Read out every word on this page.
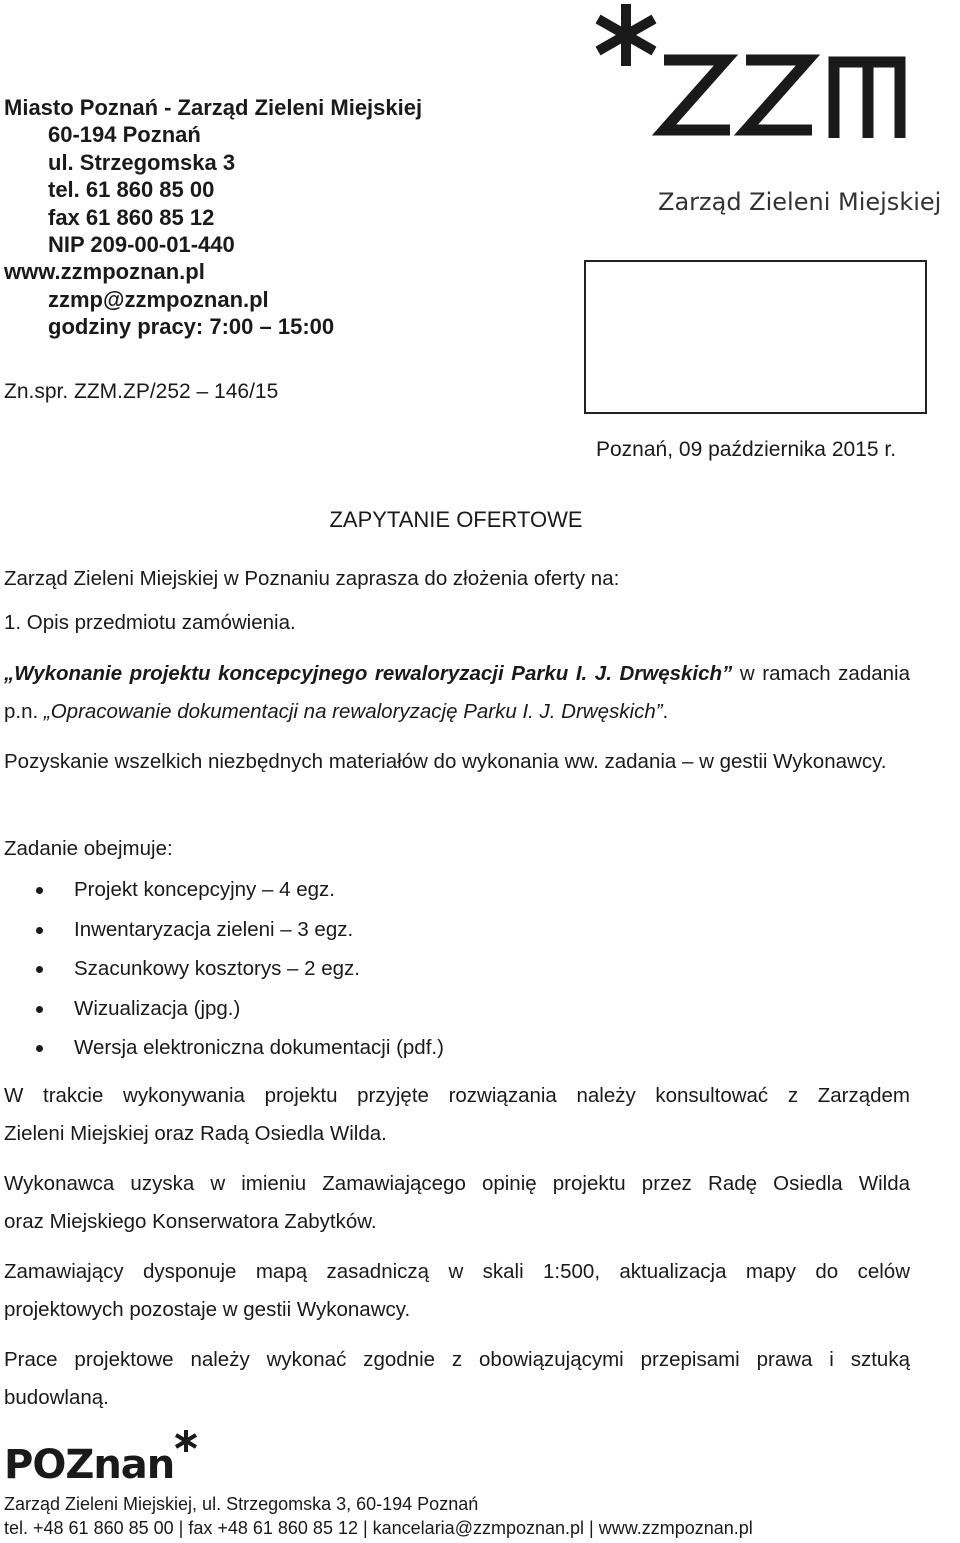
Miasto Poznań - Zarząd Zieleni Miejskiej
60-194 Poznań
ul. Strzegomska 3
tel. 61 860 85 00
fax 61 860 85 12
NIP 209-00-01-440
www.zzmpoznan.pl
zzmp@zzmpoznan.pl
godziny pracy: 7:00 – 15:00
Zarząd Zieleni Miejskiej
Zn.spr. ZZM.ZP/252 – 146/15
Poznań, 09 października 2015 r.
ZAPYTANIE OFERTOWE
Zarząd Zieleni Miejskiej w Poznaniu zaprasza do złożenia oferty na:
1. Opis przedmiotu zamówienia.
„Wykonanie projektu koncepcyjnego rewaloryzacji Parku I. J. Drwęskich” w ramach zadania p.n. „Opracowanie dokumentacji na rewaloryzację Parku I. J. Drwęskich”.
Pozyskanie wszelkich niezbędnych materiałów do wykonania ww. zadania – w gestii Wykonawcy.
Zadanie obejmuje:
Projekt koncepcyjny – 4 egz.
Inwentaryzacja zieleni – 3 egz.
Szacunkowy kosztorys – 2 egz.
Wizualizacja (jpg.)
Wersja elektroniczna dokumentacji (pdf.)
W trakcie wykonywania projektu przyjęte rozwiązania należy konsultować z Zarządem
Zieleni Miejskiej oraz Radą Osiedla Wilda.
Wykonawca uzyska w imieniu Zamawiającego opinię projektu przez Radę Osiedla Wilda
oraz Miejskiego Konserwatora Zabytków.
Zamawiający dysponuje mapą zasadniczą w skali 1:500, aktualizacja mapy do celów
projektowych pozostaje w gestii Wykonawcy.
Prace projektowe należy wykonać zgodnie z obowiązującymi przepisami prawa i sztuką
budowlaną.
POZnan
Zarząd Zieleni Miejskiej, ul. Strzegomska 3, 60-194 Poznań
tel. +48 61 860 85 00 | fax +48 61 860 85 12 | kancelaria@zzmpoznan.pl | www.zzmpoznan.pl
